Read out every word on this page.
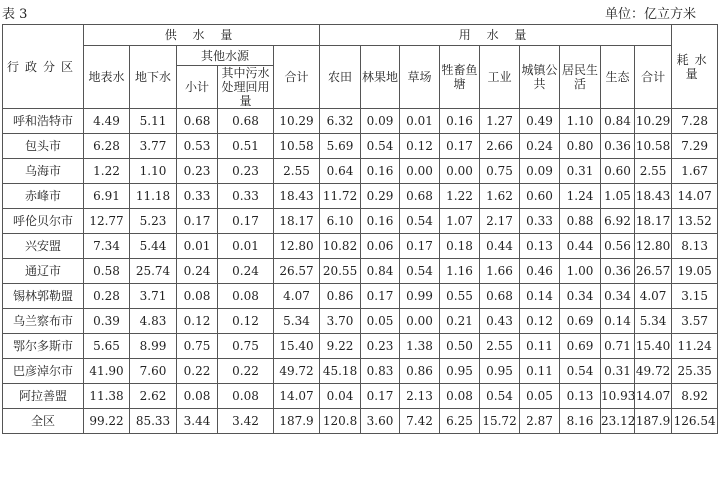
表 3	单位：亿立方米
行政分区	供 水 量					用 水 量									耗水量
	地表水	地下水	其他水源		合计	农田	林果地	草场	牲畜鱼塘	工业	城镇公共	居民生活	生态	合计	
			小计	其中污水处理回用量											
呼和浩特市	4.49	5.11	0.68	0.68	10.29	6.32	0.09	0.01	0.16	1.27	0.49	1.10	0.84	10.29	7.28
包头市	6.28	3.77	0.53	0.51	10.58	5.69	0.54	0.12	0.17	2.66	0.24	0.80	0.36	10.58	7.29
乌海市	1.22	1.10	0.23	0.23	2.55	0.64	0.16	0.00	0.00	0.75	0.09	0.31	0.60	2.55	1.67
赤峰市	6.91	11.18	0.33	0.33	18.43	11.72	0.29	0.68	1.22	1.62	0.60	1.24	1.05	18.43	14.07
呼伦贝尔市	12.77	5.23	0.17	0.17	18.17	6.10	0.16	0.54	1.07	2.17	0.33	0.88	6.92	18.17	13.52
兴安盟	7.34	5.44	0.01	0.01	12.80	10.82	0.06	0.17	0.18	0.44	0.13	0.44	0.56	12.80	8.13
通辽市	0.58	25.74	0.24	0.24	26.57	20.55	0.84	0.54	1.16	1.66	0.46	1.00	0.36	26.57	19.05
锡林郭勒盟	0.28	3.71	0.08	0.08	4.07	0.86	0.17	0.99	0.55	0.68	0.14	0.34	0.34	4.07	3.15
乌兰察布市	0.39	4.83	0.12	0.12	5.34	3.70	0.05	0.00	0.21	0.43	0.12	0.69	0.14	5.34	3.57
鄂尔多斯市	5.65	8.99	0.75	0.75	15.40	9.22	0.23	1.38	0.50	2.55	0.11	0.69	0.71	15.40	11.24
巴彦淖尔市	41.90	7.60	0.22	0.22	49.72	45.18	0.83	0.86	0.95	0.95	0.11	0.54	0.31	49.72	25.35
阿拉善盟	11.38	2.62	0.08	0.08	14.07	0.04	0.17	2.13	0.08	0.54	0.05	0.13	10.93	14.07	8.92
全区	99.22	85.33	3.44	3.42	187.9	120.8	3.60	7.42	6.25	15.72	2.87	8.16	23.12	187.9	126.54
